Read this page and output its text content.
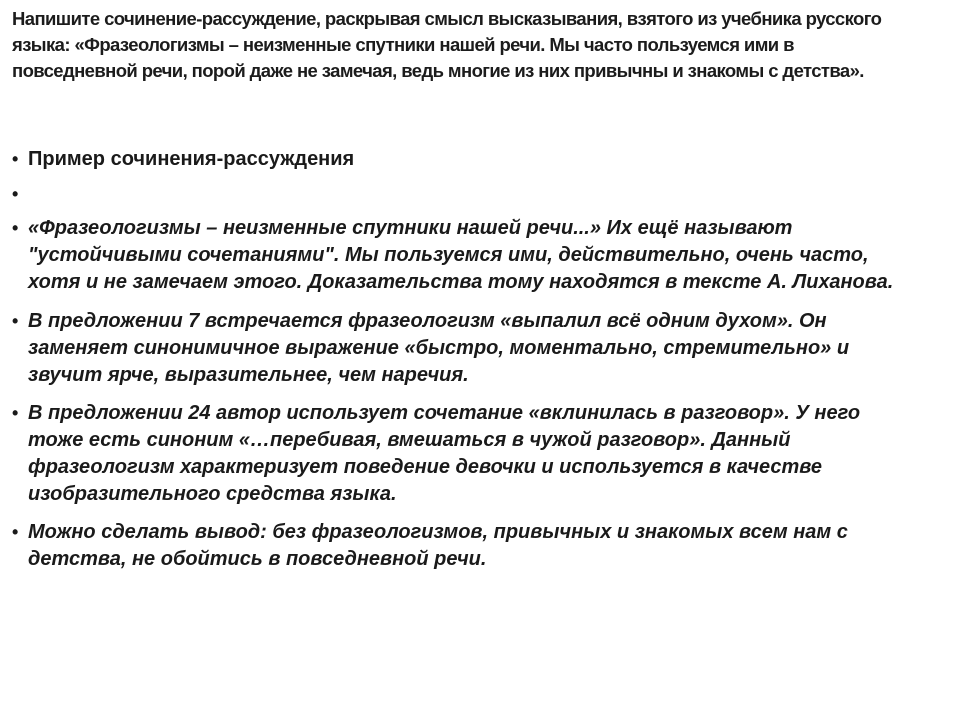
Напишите сочинение-рассуждение, раскрывая смысл высказывания, взятого из учебника русского языка: «Фразеологизмы – неизменные спутники нашей речи. Мы часто пользуемся ими в повседневной речи, порой даже не замечая, ведь многие из них привычны и знакомы с детства».
• Пример сочинения-рассуждения
•
• «Фразеологизмы – неизменные спутники нашей речи...» Их ещё называют "устойчивыми сочетаниями". Мы пользуемся ими, действительно, очень часто, хотя и не замечаем этого. Доказательства тому находятся в тексте А. Лиханова.
• В предложении 7 встречается фразеологизм «выпалил всё одним духом». Он заменяет синонимичное выражение «быстро, моментально, стремительно» и звучит ярче, выразительнее, чем наречия.
• В предложении 24 автор использует сочетание «вклинилась в разговор». У него тоже есть синоним «…перебивая, вмешаться в чужой разговор». Данный фразеологизм характеризует поведение девочки и используется в качестве изобразительного средства языка.
• Можно сделать вывод: без фразеологизмов, привычных и знакомых всем нам с детства, не обойтись в повседневной речи.
